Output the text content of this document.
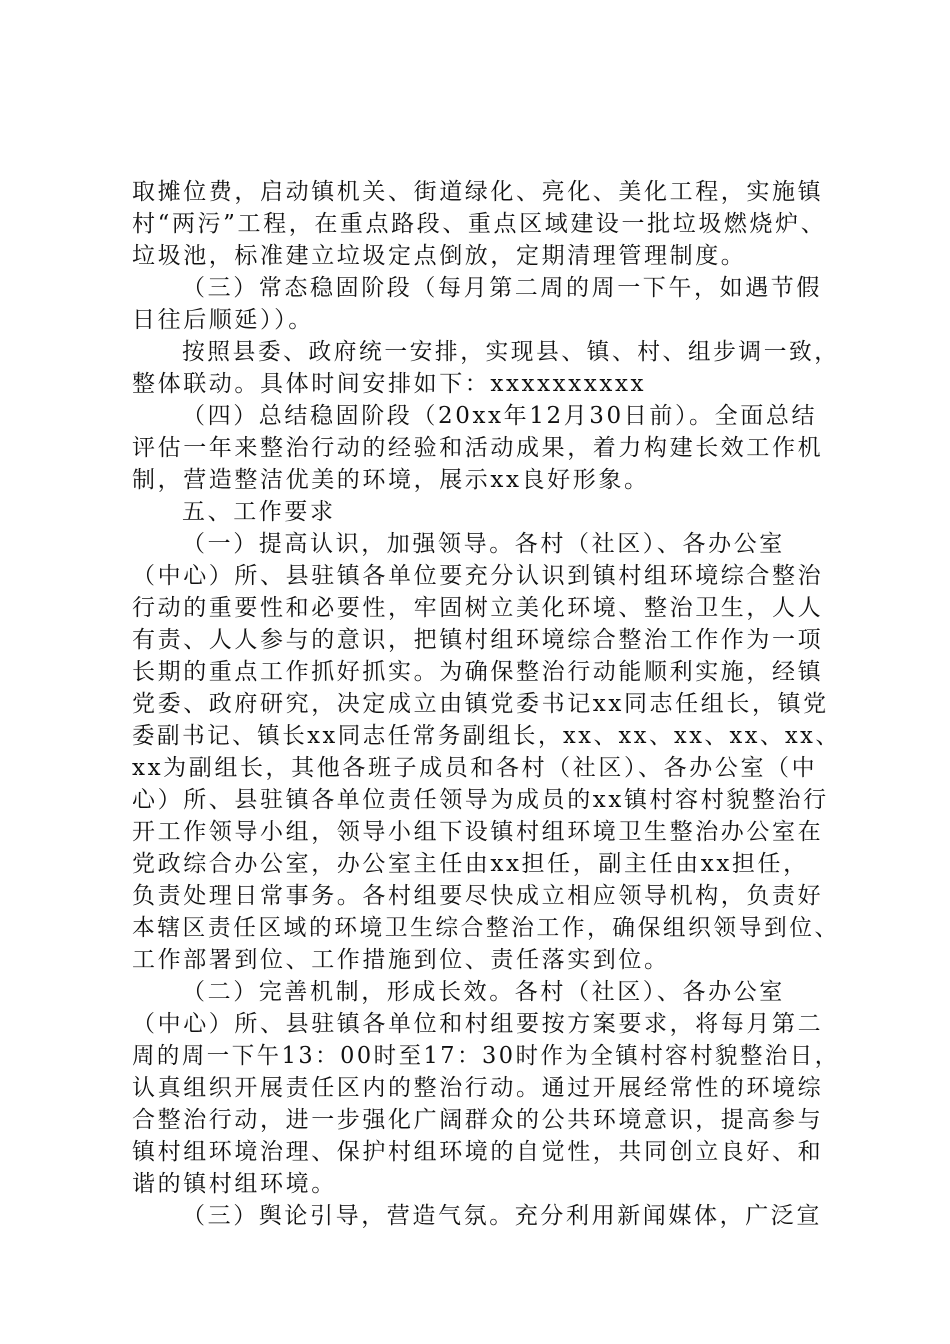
取摊位费，启动镇机关、街道绿化、亮化、美化工程，实施镇
村“两污”工程，在重点路段、重点区域建设一批垃圾燃烧炉、
垃圾池，标准建立垃圾定点倒放，定期清理管理制度。
（三）常态稳固阶段（每月第二周的周一下午，如遇节假
日往后顺延））。
按照县委、政府统一安排，实现县、镇、村、组步调一致，
整体联动。具体时间安排如下：xxxxxxxxxx
（四）总结稳固阶段（20xx年12月30日前）。全面总结
评估一年来整治行动的经验和活动成果，着力构建长效工作机
制，营造整洁优美的环境，展示xx良好形象。
五、工作要求
（一）提高认识，加强领导。各村（社区）、各办公室
（中心）所、县驻镇各单位要充分认识到镇村组环境综合整治
行动的重要性和必要性，牢固树立美化环境、整治卫生，人人
有责、人人参与的意识，把镇村组环境综合整治工作作为一项
长期的重点工作抓好抓实。为确保整治行动能顺利实施，经镇
党委、政府研究，决定成立由镇党委书记xx同志任组长，镇党
委副书记、镇长xx同志任常务副组长，xx、xx、xx、xx、xx、
xx为副组长，其他各班子成员和各村（社区）、各办公室（中
心）所、县驻镇各单位责任领导为成员的xx镇村容村貌整治行
开工作领导小组，领导小组下设镇村组环境卫生整治办公室在
党政综合办公室，办公室主任由xx担任，副主任由xx担任，
负责处理日常事务。各村组要尽快成立相应领导机构，负责好
本辖区责任区域的环境卫生综合整治工作，确保组织领导到位、
工作部署到位、工作措施到位、责任落实到位。
（二）完善机制，形成长效。各村（社区）、各办公室
（中心）所、县驻镇各单位和村组要按方案要求，将每月第二
周的周一下午13：00时至17：30时作为全镇村容村貌整治日，
认真组织开展责任区内的整治行动。通过开展经常性的环境综
合整治行动，进一步强化广阔群众的公共环境意识，提高参与
镇村组环境治理、保护村组环境的自觉性，共同创立良好、和
谐的镇村组环境。
（三）舆论引导，营造气氛。充分利用新闻媒体，广泛宣
